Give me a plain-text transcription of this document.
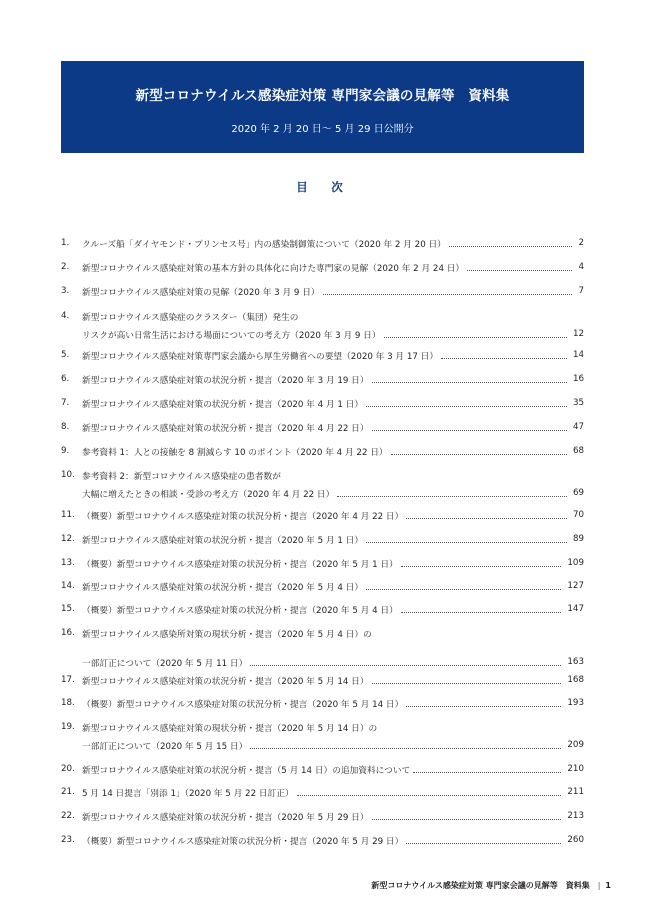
新型コロナウイルス感染症対策 専門家会議の見解等　資料集
2020 年 2 月 20 日～ 5 月 29 日公開分
目　次
1. クルーズ船「ダイヤモンド・プリンセス号」内の感染制御策について（2020 年 2 月 20 日）	2
2. 新型コロナウイルス感染症対策の基本方針の具体化に向けた専門家の見解（2020 年 2 月 24 日）	4
3. 新型コロナウイルス感染症対策の見解（2020 年 3 月 9 日）	7
4. 新型コロナウイルス感染症のクラスター（集団）発生の
リスクが高い日常生活における場面についての考え方（2020 年 3 月 9 日）	12
5. 新型コロナウイルス感染症対策専門家会議から厚生労働省への要望（2020 年 3 月 17 日）	14
6. 新型コロナウイルス感染症対策の状況分析・提言（2020 年 3 月 19 日）	16
7. 新型コロナウイルス感染症対策の状況分析・提言（2020 年 4 月 1 日）	35
8. 新型コロナウイルス感染症対策の状況分析・提言（2020 年 4 月 22 日）	47
9. 参考資料 1：人との接触を 8 割減らす 10 のポイント（2020 年 4 月 22 日）	68
10. 参考資料 2：新型コロナウイルス感染症の患者数が
大幅に増えたときの相談・受診の考え方（2020 年 4 月 22 日）	69
11. （概要）新型コロナウイルス感染症対策の状況分析・提言（2020 年 4 月 22 日）	70
12. 新型コロナウイルス感染症対策の状況分析・提言（2020 年 5 月 1 日）	89
13. （概要）新型コロナウイルス感染症対策の状況分析・提言（2020 年 5 月 1 日）	109
14. 新型コロナウイルス感染症対策の状況分析・提言（2020 年 5 月 4 日）	127
15. （概要）新型コロナウイルス感染症対策の状況分析・提言（2020 年 5 月 4 日）	147
16. 新型コロナウイルス感染所対策の現状分析・提言（2020 年 5 月 4 日）の
一部訂正について（2020 年 5 月 11 日）	163
17. 新型コロナウイルス感染症対策の状況分析・提言（2020 年 5 月 14 日）	168
18. （概要）新型コロナウイルス感染症対策の状況分析・提言（2020 年 5 月 14 日）	193
19. 新型コロナウイルス感染症対策の現状分析・提言（2020 年 5 月 14 日）の
一部訂正について（2020 年 5 月 15 日）	209
20. 新型コロナウイルス感染症対策の状況分析・提言（5 月 14 日）の追加資料について	210
21. 5 月 14 日提言「別添 1」（2020 年 5 月 22 日訂正）	211
22. 新型コロナウイルス感染症対策の状況分析・提言（2020 年 5 月 29 日）	213
23. （概要）新型コロナウイルス感染症対策の状況分析・提言（2020 年 5 月 29 日）	260
新型コロナウイルス感染症対策 専門家会議の見解等　資料集 | 1
